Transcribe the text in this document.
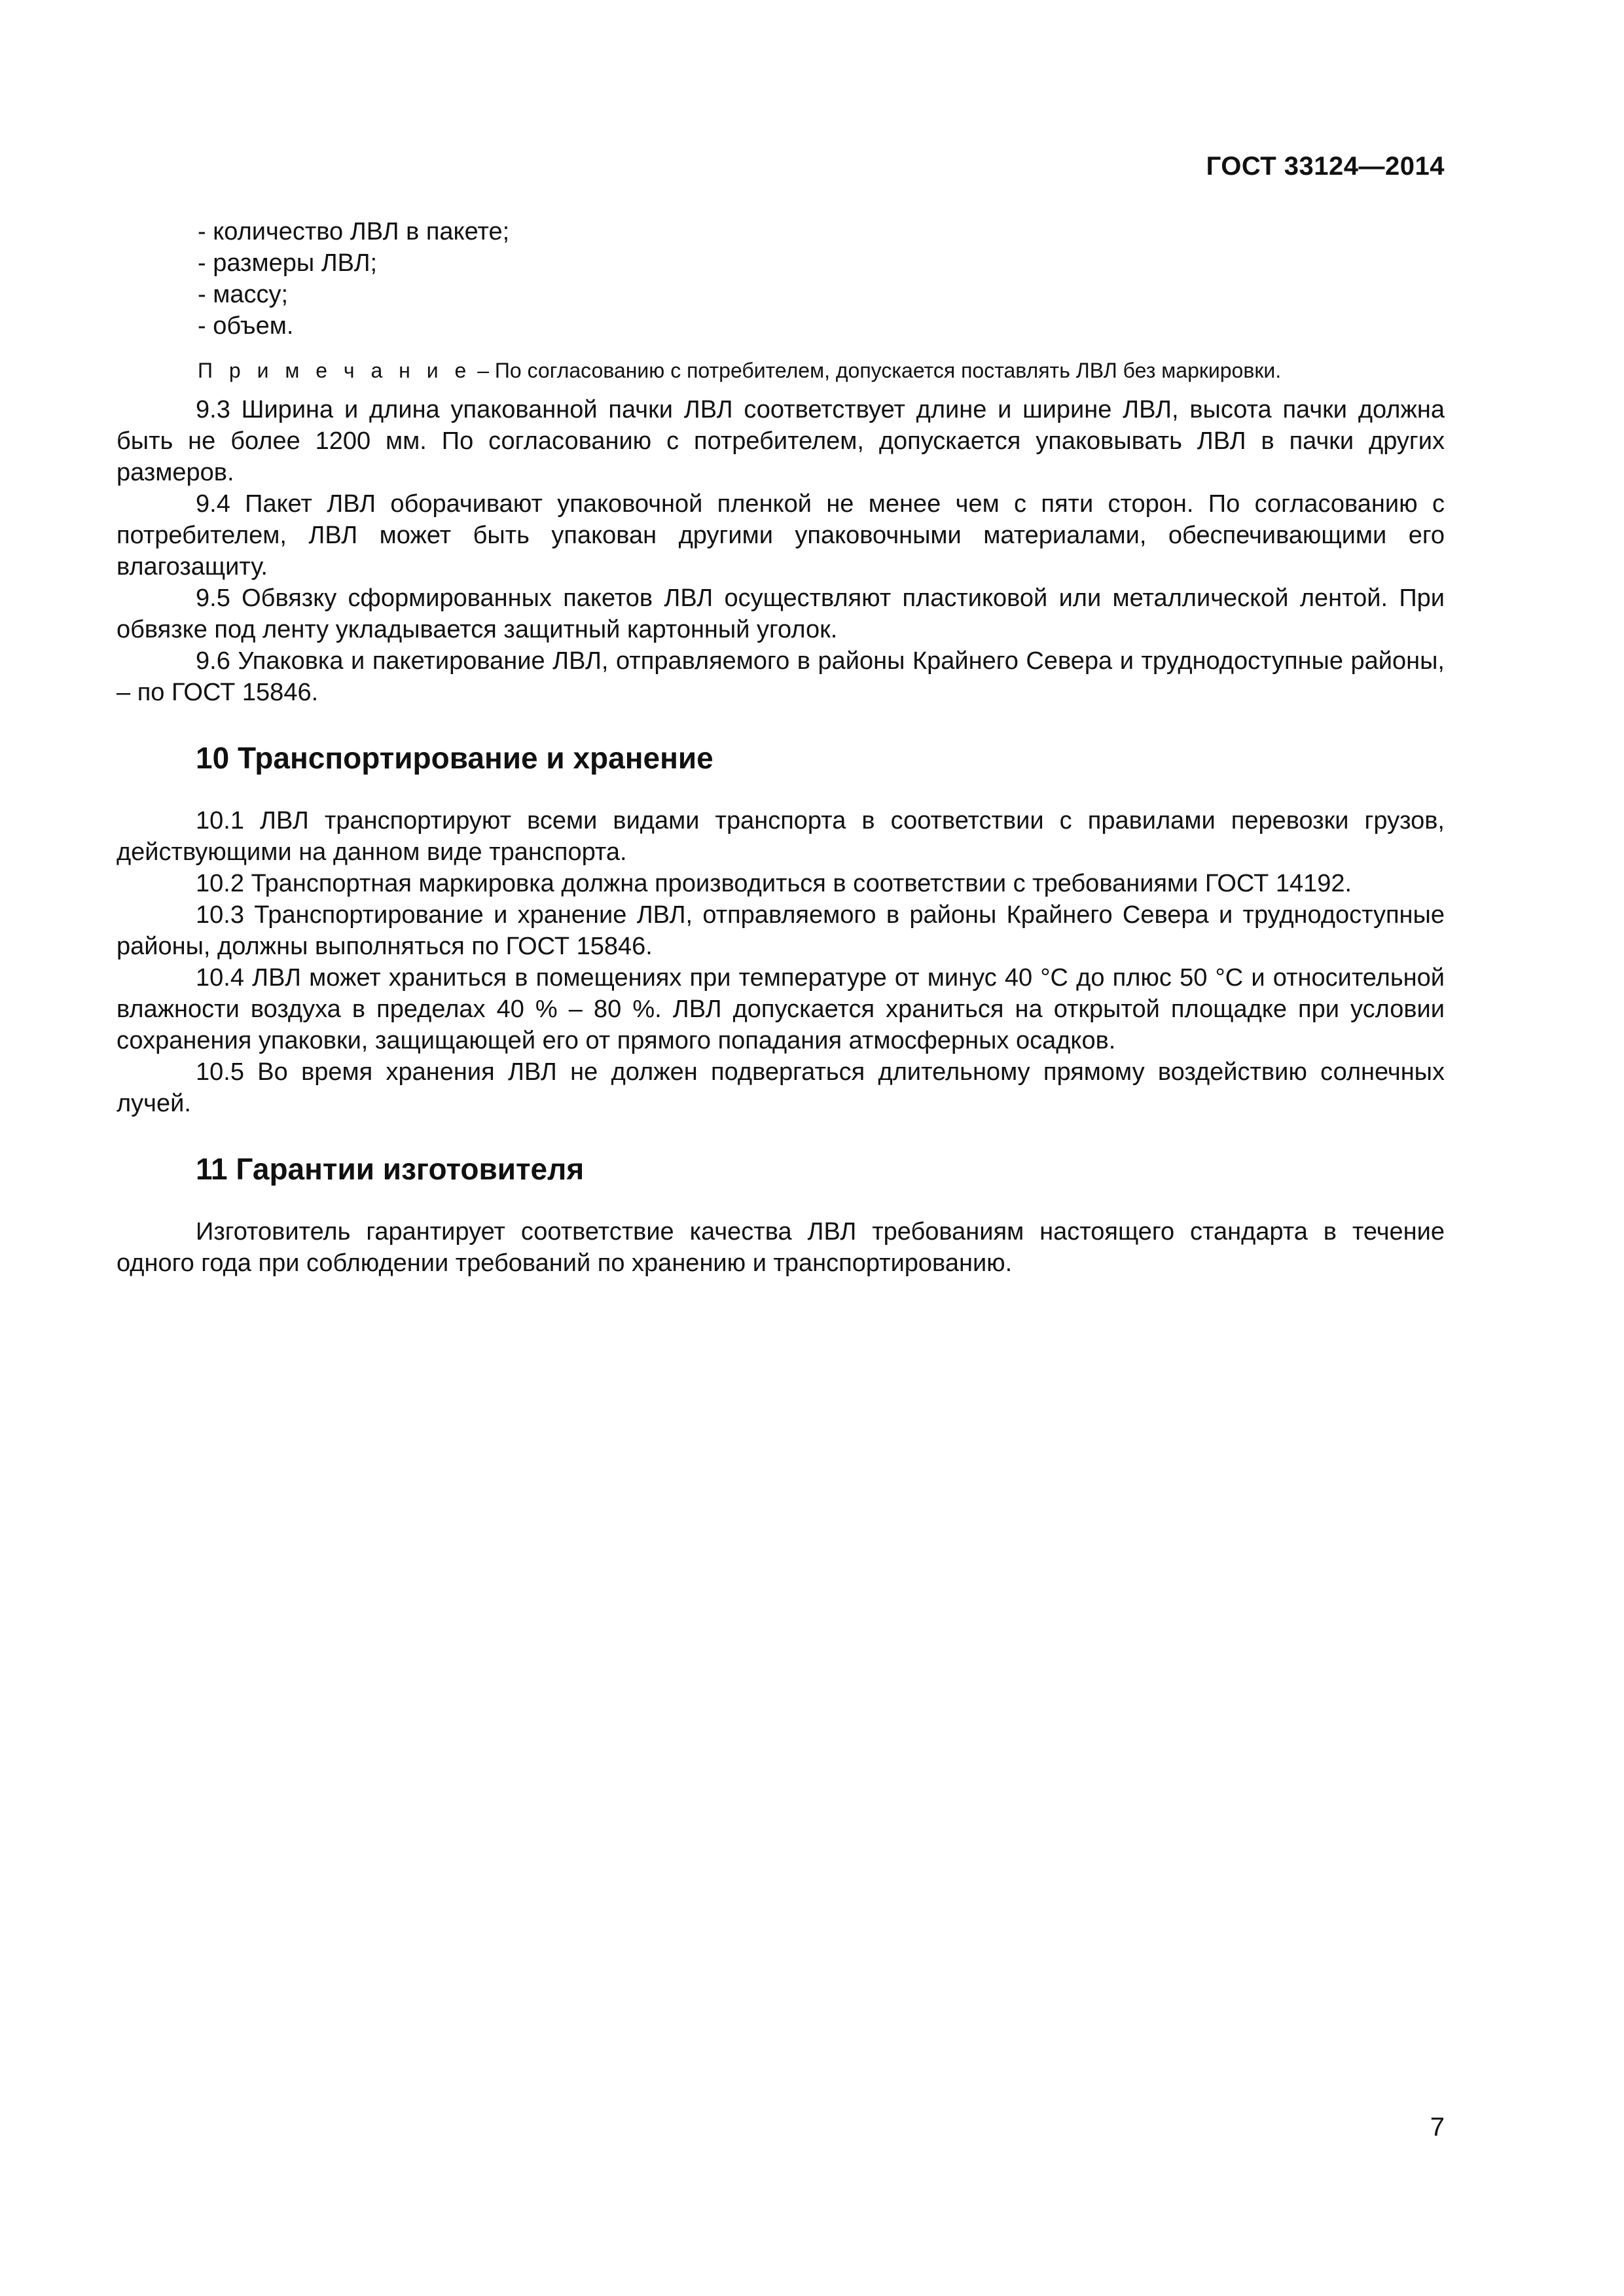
ГОСТ 33124—2014

- количество ЛВЛ в пакете;

- размеры ЛВЛ;

- массу;

- объем.

П р и м е ч а н и е – По согласованию с потребителем, допускается поставлять ЛВЛ без маркировки.

9.3 Ширина и длина упакованной пачки ЛВЛ соответствует длине и ширине ЛВЛ, высота пачки должна быть не более 1200 мм. По согласованию с потребителем, допускается упаковывать ЛВЛ в пачки других размеров.

9.4 Пакет ЛВЛ оборачивают упаковочной пленкой не менее чем с пяти сторон. По согласованию с потребителем, ЛВЛ может быть упакован другими упаковочными материалами, обеспечивающими его влагозащиту.

9.5 Обвязку сформированных пакетов ЛВЛ осуществляют пластиковой или металлической лентой. При обвязке под ленту укладывается защитный картонный уголок.

9.6 Упаковка и пакетирование ЛВЛ, отправляемого в районы Крайнего Севера и труднодоступные районы, – по ГОСТ 15846.

10 Транспортирование и хранение

10.1 ЛВЛ транспортируют всеми видами транспорта в соответствии с правилами перевозки грузов, действующими на данном виде транспорта.

10.2 Транспортная маркировка должна производиться в соответствии с требованиями ГОСТ 14192.

10.3 Транспортирование и хранение ЛВЛ, отправляемого в районы Крайнего Севера и труднодоступные районы, должны выполняться по ГОСТ 15846.

10.4 ЛВЛ может храниться в помещениях при температуре от минус 40 °С до плюс 50 °С и относительной влажности воздуха в пределах 40 % – 80 %. ЛВЛ допускается храниться на открытой площадке при условии сохранения упаковки, защищающей его от прямого попадания атмосферных осадков.

10.5 Во время хранения ЛВЛ не должен подвергаться длительному прямому воздействию солнечных лучей.

11 Гарантии изготовителя

Изготовитель гарантирует соответствие качества ЛВЛ требованиям настоящего стандарта в течение одного года при соблюдении требований по хранению и транспортированию.

7
